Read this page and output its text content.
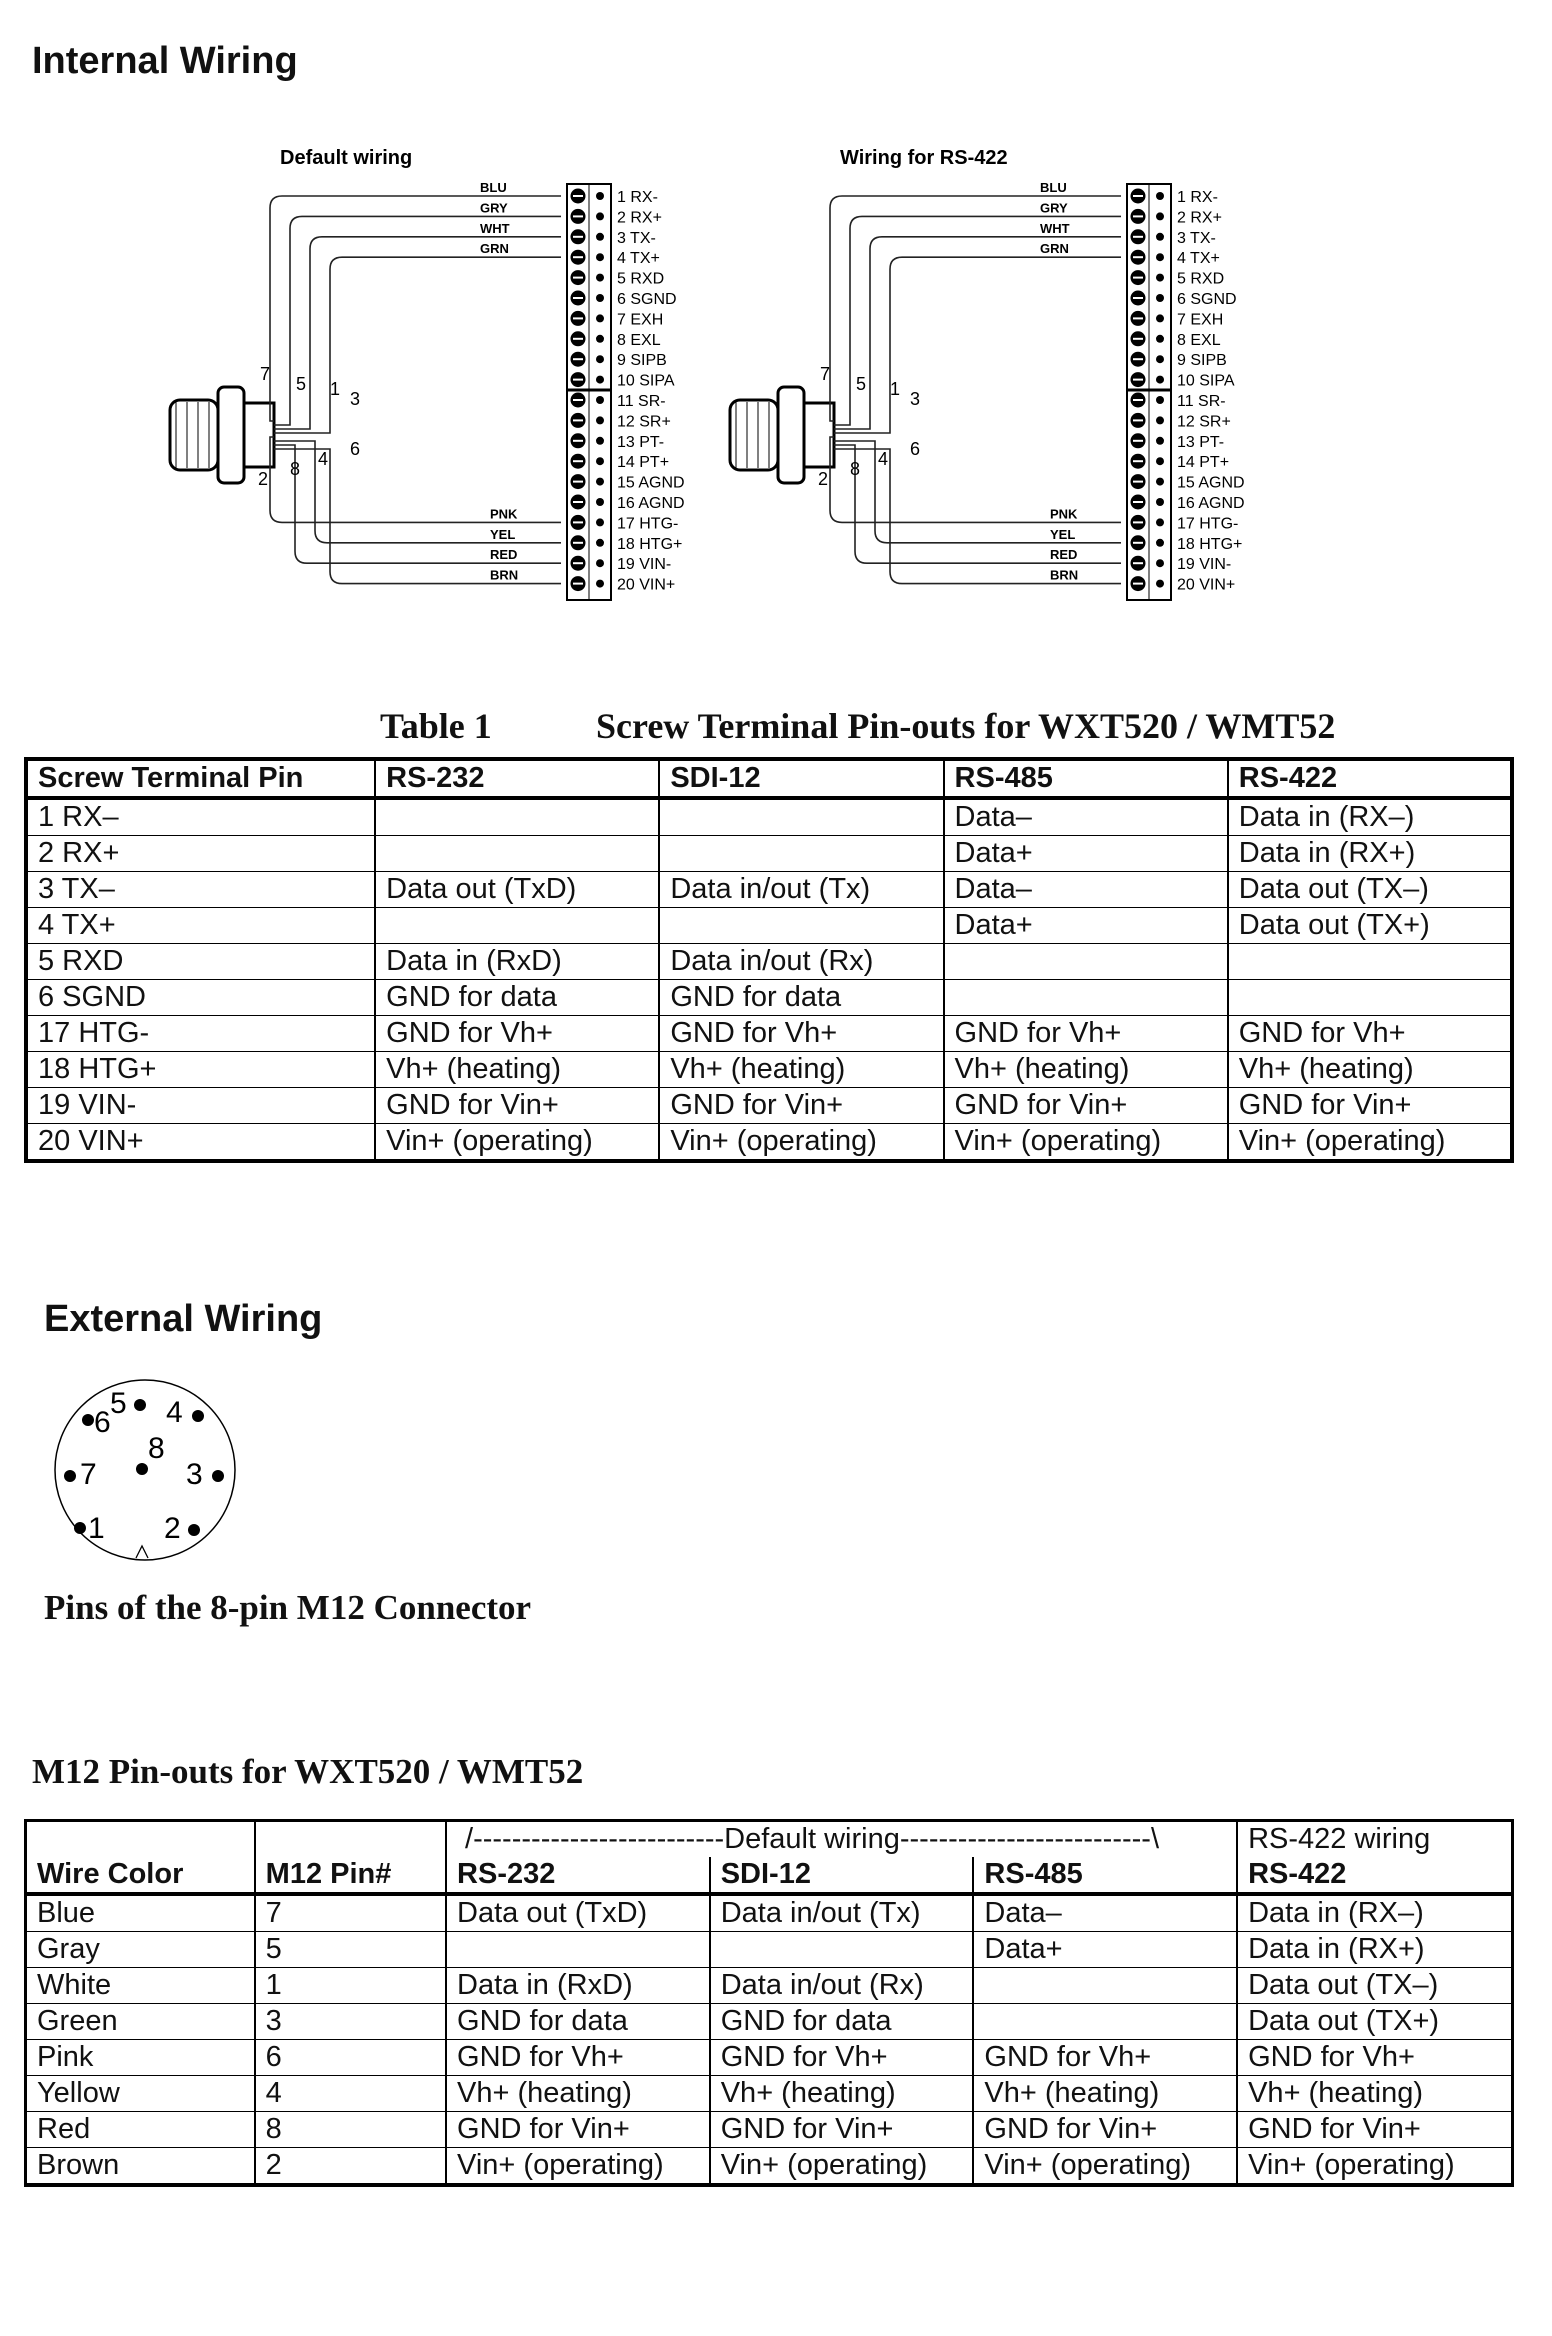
Internal Wiring
Default wiring
1 RX-
2 RX+
3 TX-
4 TX+
5 RXD
6 SGND
7 EXH
8 EXL
9 SIPB
10 SIPA
11 SR-
12 SR+
13 PT-
14 PT+
15 AGND
16 AGND
17 HTG-
18 HTG+
19 VIN-
20 VIN+
BLU
GRY
WHT
GRN
PNK
YEL
RED
BRN
7 5 1 3
6
4
8
2
Wiring for RS-422
1 RX-
2 RX+
3 TX-
4 TX+
5 RXD
6 SGND
7 EXH
8 EXL
9 SIPB
10 SIPA
11 SR-
12 SR+
13 PT-
14 PT+
15 AGND
16 AGND
17 HTG-
18 HTG+
19 VIN-
20 VIN+
BLU
GRY
WHT
GRN
PNK
YEL
RED
BRN
7 5 1 3
6
4
8
2
Table 1	Screw Terminal Pin-outs for WXT520 / WMT52
Screw Terminal Pin	RS-232	SDI-12	RS-485	RS-422
1 RX–			Data–	Data in (RX–)
2 RX+			Data+	Data in (RX+)
3 TX–	Data out (TxD)	Data in/out (Tx)	Data–	Data out (TX–)
4 TX+			Data+	Data out (TX+)
5 RXD	Data in (RxD)	Data in/out (Rx)		
6 SGND	GND for data	GND for data		
17 HTG-	GND for Vh+	GND for Vh+	GND for Vh+	GND for Vh+
18 HTG+	Vh+ (heating)	Vh+ (heating)	Vh+ (heating)	Vh+ (heating)
19 VIN-	GND for Vin+	GND for Vin+	GND for Vin+	GND for Vin+
20 VIN+	Vin+ (operating)	Vin+ (operating)	Vin+ (operating)	Vin+ (operating)
External Wiring
5
6 4
8
7	3
1 2
Pins of the 8-pin M12 Connector
M12 Pin-outs for WXT520 / WMT52
		/--------------------------Default wiring--------------------------\			RS-422 wiring
Wire Color	M12 Pin#	RS-232	SDI-12	RS-485	RS-422
Blue	7	Data out (TxD)	Data in/out (Tx)	Data–	Data in (RX–)
Gray	5			Data+	Data in (RX+)
White	1	Data in (RxD)	Data in/out (Rx)		Data out (TX–)
Green	3	GND for data	GND for data		Data out (TX+)
Pink	6	GND for Vh+	GND for Vh+	GND for Vh+	GND for Vh+
Yellow	4	Vh+ (heating)	Vh+ (heating)	Vh+ (heating)	Vh+ (heating)
Red	8	GND for Vin+	GND for Vin+	GND for Vin+	GND for Vin+
Brown	2	Vin+ (operating)	Vin+ (operating)	Vin+ (operating)	Vin+ (operating)
